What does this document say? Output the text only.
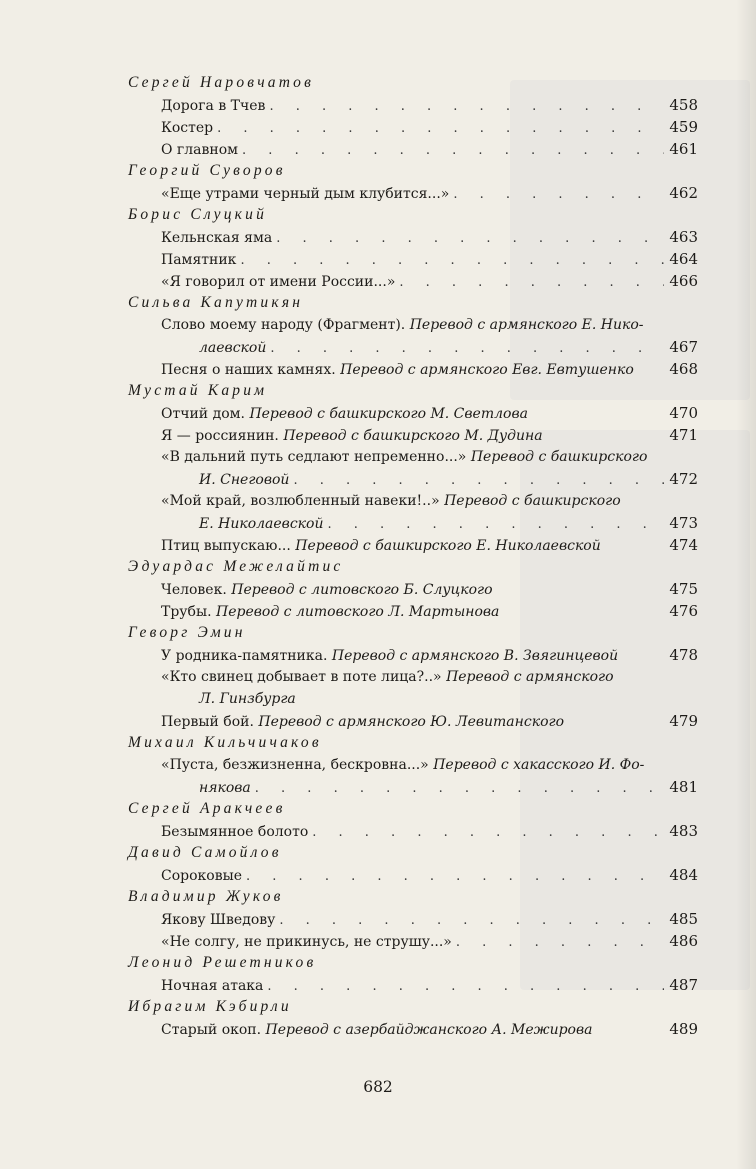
Сергей Наровчатов
Дорога в Тчев . . .	458
Костер . . .	459
О главном . . .	461
Георгий Суворов
«Еще утрами черный дым клубится...» . . .	462
Борис Слуцкий
Кельнская яма . . .	463
Памятник . . .	464
«Я говорил от имени России...» . . .	466
Сильва Капутикян
Слово моему народу (Фрагмент). Перевод с армянского Е. Нико-
лаевской . . .	467
Песня о наших камнях. Перевод с армянского Евг. Евтушенко 468
Мустай Карим
Отчий дом. Перевод с башкирского М. Светлова	470
Я — россиянин. Перевод с башкирского М. Дудина	471
«В дальний путь седлают непременно...» Перевод с башкирского
И. Снеговой . . .	472
«Мой край, возлюбленный навеки!..» Перевод с башкирского
Е. Николаевской . . .	473
Птиц выпускаю... Перевод с башкирского Е. Николаевской	474
Эдуардас Межелайтис
Человек. Перевод с литовского Б. Слуцкого	475
Трубы. Перевод с литовского Л. Мартынова	476
Геворг Эмин
У родника-памятника. Перевод с армянского В. Звягинцевой	478
«Кто свинец добывает в поте лица?..» Перевод с армянского
Л. Гинзбурга
Первый бой. Перевод с армянского Ю. Левитанского	479
Михаил Кильчичаков
«Пуста, безжизненна, бескровна...» Перевод с хакасского И. Фо-
някова . . .	481
Сергей Аракчеев
Безымянное болото . . .	483
Давид Самойлов
Сороковые . . .	484
Владимир Жуков
Якову Шведову . . .	485
«Не солгу, не прикинусь, не струшу...» . . .	486
Леонид Решетников
Ночная атака . . .	487
Ибрагим Кэбирли
Старый окоп. Перевод с азербайджанского А. Межирова	489
682
